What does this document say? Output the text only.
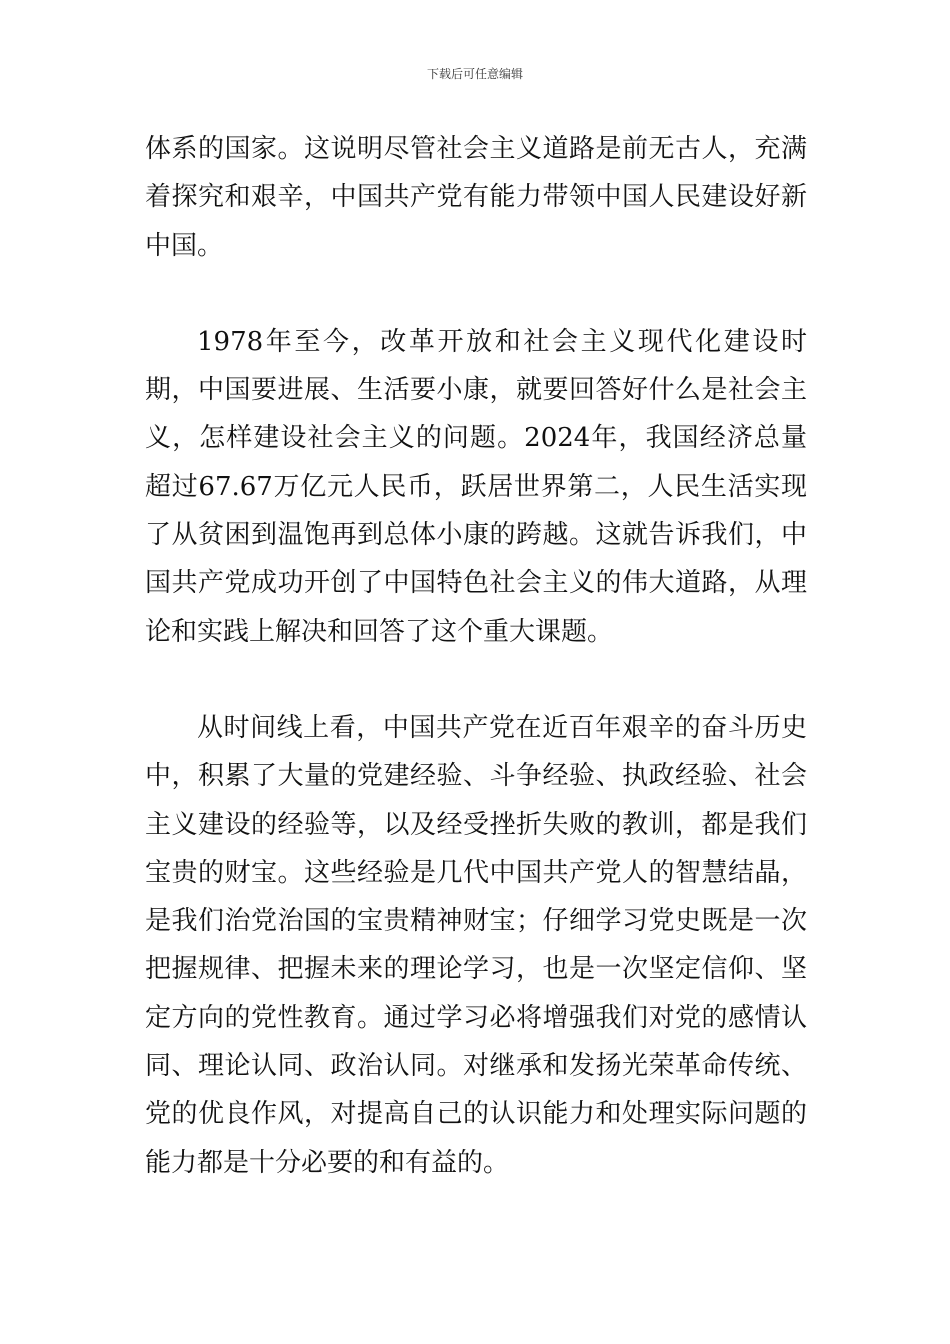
下载后可任意编辑

体系的国家。这说明尽管社会主义道路是前无古人，充满着探究和艰辛，中国共产党有能力带领中国人民建设好新中国。

1978年至今，改革开放和社会主义现代化建设时期，中国要进展、生活要小康，就要回答好什么是社会主义，怎样建设社会主义的问题。2024年，我国经济总量超过67.67万亿元人民币，跃居世界第二，人民生活实现了从贫困到温饱再到总体小康的跨越。这就告诉我们，中国共产党成功开创了中国特色社会主义的伟大道路，从理论和实践上解决和回答了这个重大课题。

从时间线上看，中国共产党在近百年艰辛的奋斗历史中，积累了大量的党建经验、斗争经验、执政经验、社会主义建设的经验等，以及经受挫折失败的教训，都是我们宝贵的财宝。这些经验是几代中国共产党人的智慧结晶，是我们治党治国的宝贵精神财宝；仔细学习党史既是一次把握规律、把握未来的理论学习，也是一次坚定信仰、坚定方向的党性教育。通过学习必将增强我们对党的感情认同、理论认同、政治认同。对继承和发扬光荣革命传统、党的优良作风，对提高自己的认识能力和处理实际问题的能力都是十分必要的和有益的。
